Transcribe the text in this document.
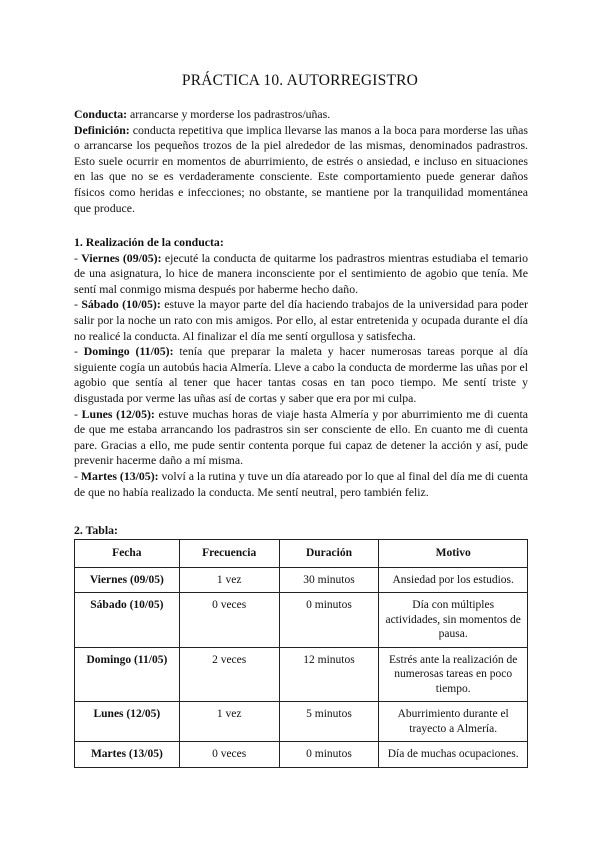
PRÁCTICA 10. AUTORREGISTRO

Conducta: arrancarse y morderse los padrastros/uñas.

Definición: conducta repetitiva que implica llevarse las manos a la boca para morderse las uñas o arrancarse los pequeños trozos de la piel alrededor de las mismas, denominados padrastros. Esto suele ocurrir en momentos de aburrimiento, de estrés o ansiedad, e incluso en situaciones en las que no se es verdaderamente consciente. Este comportamiento puede generar daños físicos como heridas e infecciones; no obstante, se mantiene por la tranquilidad momentánea que produce.

1. Realización de la conducta:

- Viernes (09/05): ejecuté la conducta de quitarme los padrastros mientras estudiaba el temario de una asignatura, lo hice de manera inconsciente por el sentimiento de agobio que tenía. Me sentí mal conmigo misma después por haberme hecho daño.

- Sábado (10/05): estuve la mayor parte del día haciendo trabajos de la universidad para poder salir por la noche un rato con mis amigos. Por ello, al estar entretenida y ocupada durante el día no realicé la conducta. Al finalizar el día me sentí orgullosa y satisfecha.

- Domingo (11/05): tenía que preparar la maleta y hacer numerosas tareas porque al día siguiente cogía un autobús hacia Almería. Lleve a cabo la conducta de morderme las uñas por el agobio que sentía al tener que hacer tantas cosas en tan poco tiempo. Me sentí triste y disgustada por verme las uñas así de cortas y saber que era por mi culpa.

- Lunes (12/05): estuve muchas horas de viaje hasta Almería y por aburrimiento me di cuenta de que me estaba arrancando los padrastros sin ser consciente de ello. En cuanto me di cuenta pare. Gracias a ello, me pude sentir contenta porque fui capaz de detener la acción y así, pude prevenir hacerme daño a mí misma.

- Martes (13/05): volví a la rutina y tuve un día atareado por lo que al final del día me di cuenta de que no había realizado la conducta. Me sentí neutral, pero también feliz.

2. Tabla:
Fecha	Frecuencia	Duración	Motivo
Viernes (09/05)	1 vez	30 minutos	Ansiedad por los estudios.
Sábado (10/05)	0 veces	0 minutos	Día con múltiples actividades, sin momentos de pausa.
Domingo (11/05)	2 veces	12 minutos	Estrés ante la realización de numerosas tareas en poco tiempo.
Lunes (12/05)	1 vez	5 minutos	Aburrimiento durante el trayecto a Almería.
Martes (13/05)	0 veces	0 minutos	Día de muchas ocupaciones.
